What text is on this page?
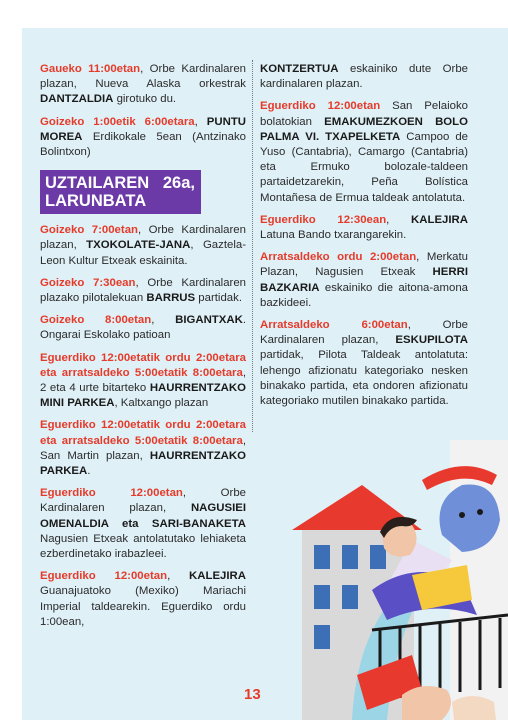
Gaueko 11:00etan, Orbe Kardinalaren plazan, Nueva Alaska orkestrak DANTZALDIA girotuko du.

Goizeko 1:00etik 6:00etara, PUNTU MOREA Erdikokale 5ean (Antzinako Bolintxon)

UZTAILAREN 26a, LARUNBATA

Goizeko 7:00etan, Orbe Kardinalaren plazan, TXOKOLATE-JANA, Gaztela-Leon Kultur Etxeak eskainita.

Goizeko 7:30ean, Orbe Kardinalaren plazako pilotalekuan BARRUS partidak.

Goizeko 8:00etan, BIGANTXAK. Ongarai Eskolako patioan

Eguerdiko 12:00etatik ordu 2:00etara eta arratsaldeko 5:00etatik 8:00etara, 2 eta 4 urte bitarteko HAURRENTZAKO MINI PARKEA, Kaltxango plazan

Eguerdiko 12:00etatik ordu 2:00etara eta arratsaldeko 5:00etatik 8:00etara, San Martin plazan, HAURRENTZAKO PARKEA.

Eguerdiko 12:00etan, Orbe Kardinalaren plazan, NAGUSIEI OMENALDIA eta SARI-BANAKETA Nagusien Etxeak antolatutako lehiaketa ezberdinetako irabazleei.

Eguerdiko 12:00etan, KALEJIRA Guanajuatoko (Mexiko) Mariachi Imperial taldearekin. Eguerdiko ordu 1:00ean,

KONTZERTUA eskainiko dute Orbe kardinalaren plazan.

Eguerdiko 12:00etan San Pelaioko bolatokian EMAKUMEZKOEN BOLO PALMA VI. TXAPELKETA Campoo de Yuso (Cantabria), Camargo (Cantabria) eta Ermuko bolozale-taldeen partaidetzarekin, Peña Bolística Montañesa de Ermua taldeak antolatuta.

Eguerdiko 12:30ean, KALEJIRA Latuna Bando txarangarekin.

Arratsaldeko ordu 2:00etan, Merkatu Plazan, Nagusien Etxeak HERRI BAZKARIA eskainiko die aitona-amona bazkideei.

Arratsaldeko 6:00etan, Orbe Kardinalaren plazan, ESKUPILOTA partidak, Pilota Taldeak antolatuta: lehengo afizionatu kategoriako nesken binakako partida, eta ondoren afizionatu kategoriako mutilen binakako partida.

13
